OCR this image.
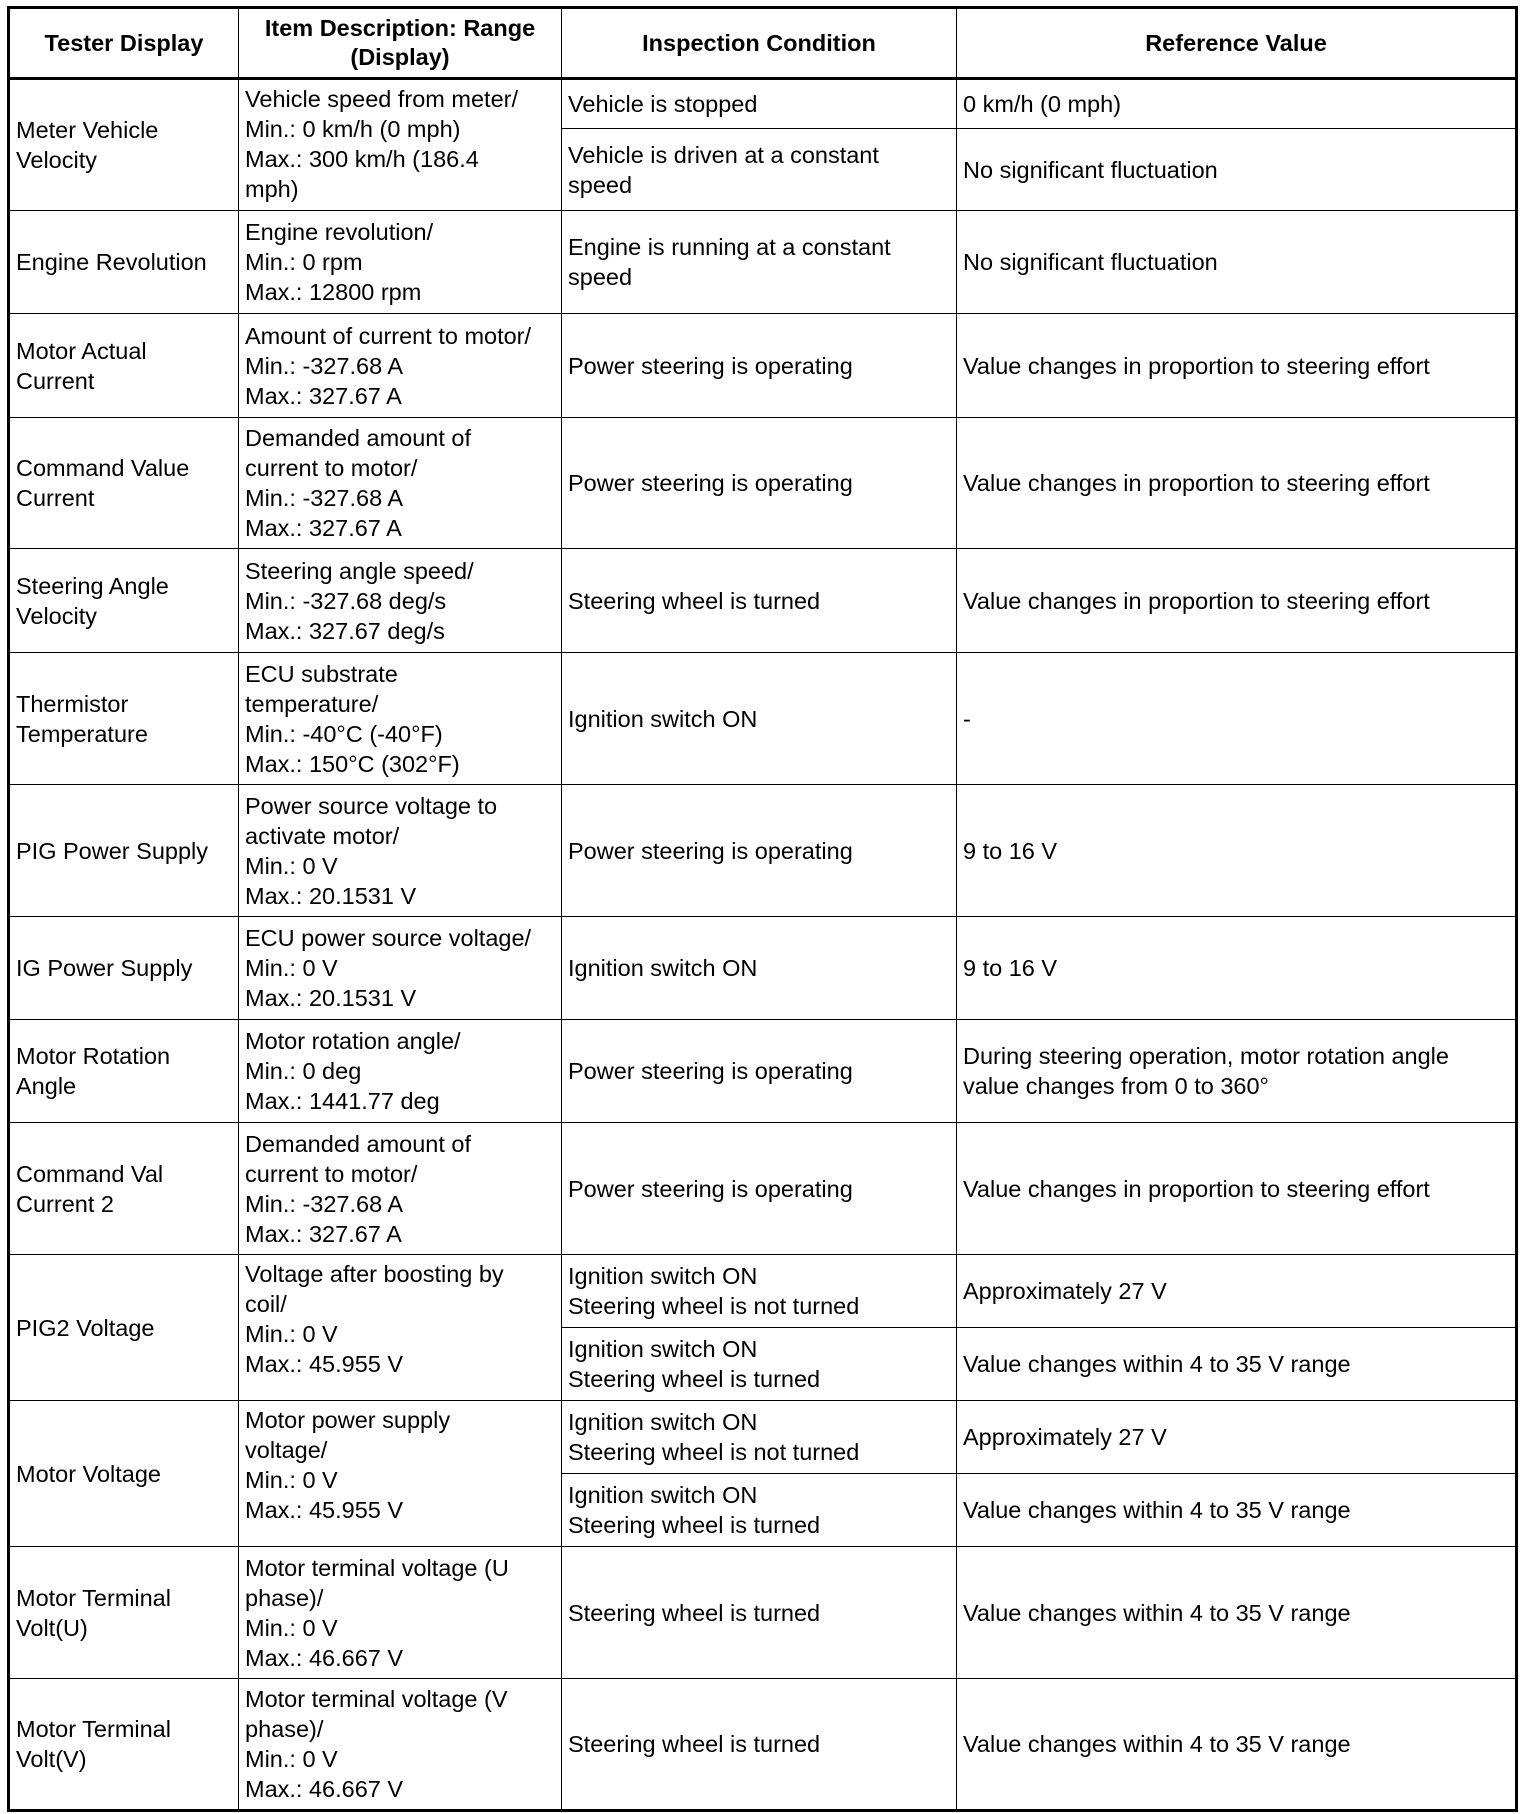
Tester Display	Item Description: Range (Display)	Inspection Condition	Reference Value
Meter Vehicle
Velocity	Vehicle speed from meter/
Min.: 0 km/h (0 mph)
Max.: 300 km/h (186.4
mph)	Vehicle is stopped	0 km/h (0 mph)
		Vehicle is driven at a constant
speed	No significant fluctuation
Engine Revolution	Engine revolution/
Min.: 0 rpm
Max.: 12800 rpm	Engine is running at a constant
speed	No significant fluctuation
Motor Actual
Current	Amount of current to motor/
Min.: -327.68 A
Max.: 327.67 A	Power steering is operating	Value changes in proportion to steering effort
Command Value
Current	Demanded amount of
current to motor/
Min.: -327.68 A
Max.: 327.67 A	Power steering is operating	Value changes in proportion to steering effort
Steering Angle
Velocity	Steering angle speed/
Min.: -327.68 deg/s
Max.: 327.67 deg/s	Steering wheel is turned	Value changes in proportion to steering effort
Thermistor
Temperature	ECU substrate
temperature/
Min.: -40°C (-40°F)
Max.: 150°C (302°F)	Ignition switch ON	-
PIG Power Supply	Power source voltage to
activate motor/
Min.: 0 V
Max.: 20.1531 V	Power steering is operating	9 to 16 V
IG Power Supply	ECU power source voltage/
Min.: 0 V
Max.: 20.1531 V	Ignition switch ON	9 to 16 V
Motor Rotation
Angle	Motor rotation angle/
Min.: 0 deg
Max.: 1441.77 deg	Power steering is operating	During steering operation, motor rotation angle
value changes from 0 to 360°
Command Val
Current 2	Demanded amount of
current to motor/
Min.: -327.68 A
Max.: 327.67 A	Power steering is operating	Value changes in proportion to steering effort
PIG2 Voltage	Voltage after boosting by
coil/
Min.: 0 V
Max.: 45.955 V	Ignition switch ON
Steering wheel is not turned	Approximately 27 V
		Ignition switch ON
Steering wheel is turned	Value changes within 4 to 35 V range
Motor Voltage	Motor power supply
voltage/
Min.: 0 V
Max.: 45.955 V	Ignition switch ON
Steering wheel is not turned	Approximately 27 V
		Ignition switch ON
Steering wheel is turned	Value changes within 4 to 35 V range
Motor Terminal
Volt(U)	Motor terminal voltage (U
phase)/
Min.: 0 V
Max.: 46.667 V	Steering wheel is turned	Value changes within 4 to 35 V range
Motor Terminal
Volt(V)	Motor terminal voltage (V
phase)/
Min.: 0 V
Max.: 46.667 V	Steering wheel is turned	Value changes within 4 to 35 V range
